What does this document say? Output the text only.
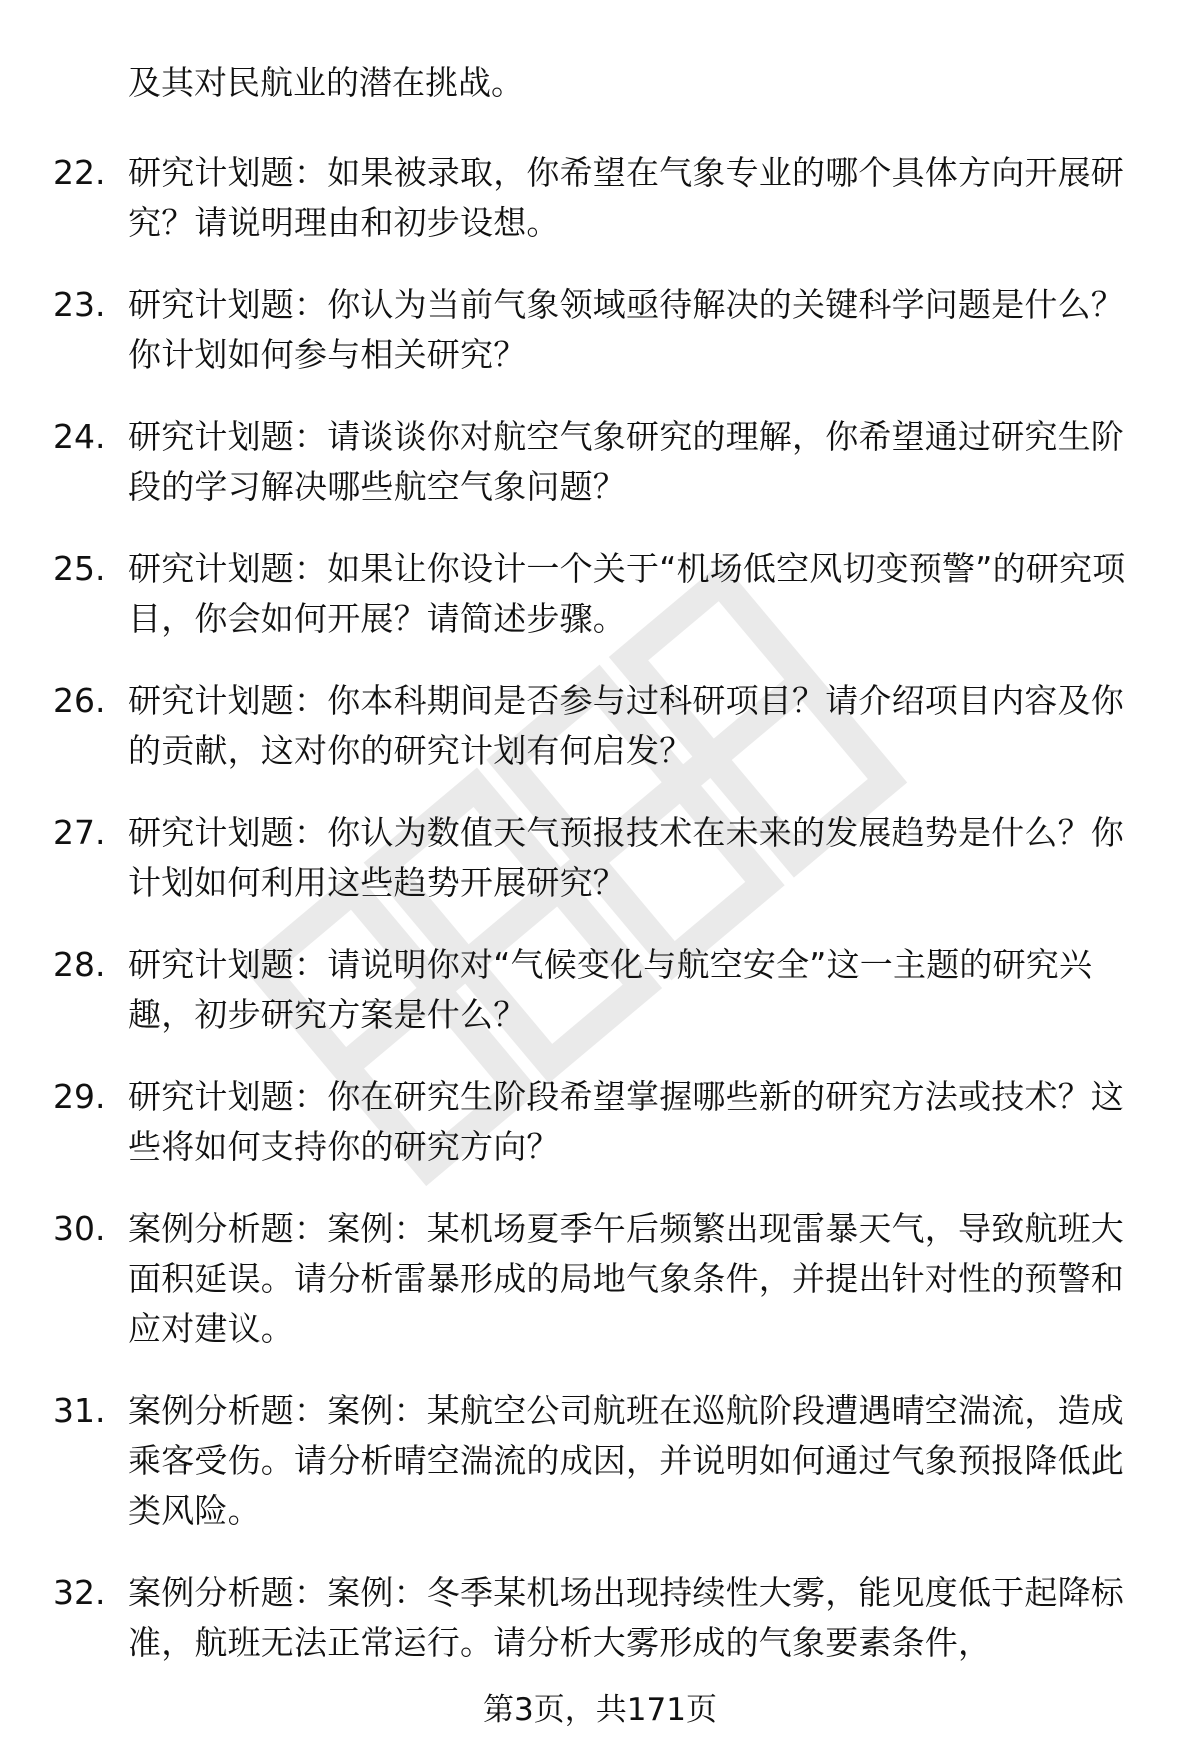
及其对民航业的潜在挑战。

22. 研究计划题：如果被录取，你希望在气象专业的哪个具体方向开展研究？请说明理由和初步设想。
23. 研究计划题：你认为当前气象领域亟待解决的关键科学问题是什么？你计划如何参与相关研究？
24. 研究计划题：请谈谈你对航空气象研究的理解，你希望通过研究生阶段的学习解决哪些航空气象问题？
25. 研究计划题：如果让你设计一个关于“机场低空风切变预警”的研究项目，你会如何开展？请简述步骤。
26. 研究计划题：你本科期间是否参与过科研项目？请介绍项目内容及你的贡献，这对你的研究计划有何启发？
27. 研究计划题：你认为数值天气预报技术在未来的发展趋势是什么？你计划如何利用这些趋势开展研究？
28. 研究计划题：请说明你对“气候变化与航空安全”这一主题的研究兴趣，初步研究方案是什么？
29. 研究计划题：你在研究生阶段希望掌握哪些新的研究方法或技术？这些将如何支持你的研究方向？
30. 案例分析题：案例：某机场夏季午后频繁出现雷暴天气，导致航班大面积延误。请分析雷暴形成的局地气象条件，并提出针对性的预警和应对建议。
31. 案例分析题：案例：某航空公司航班在巡航阶段遭遇晴空湍流，造成乘客受伤。请分析晴空湍流的成因，并说明如何通过气象预报降低此类风险。
32. 案例分析题：案例：冬季某机场出现持续性大雾，能见度低于起降标准，航班无法正常运行。请分析大雾形成的气象要素条件，
第3页，共171页
